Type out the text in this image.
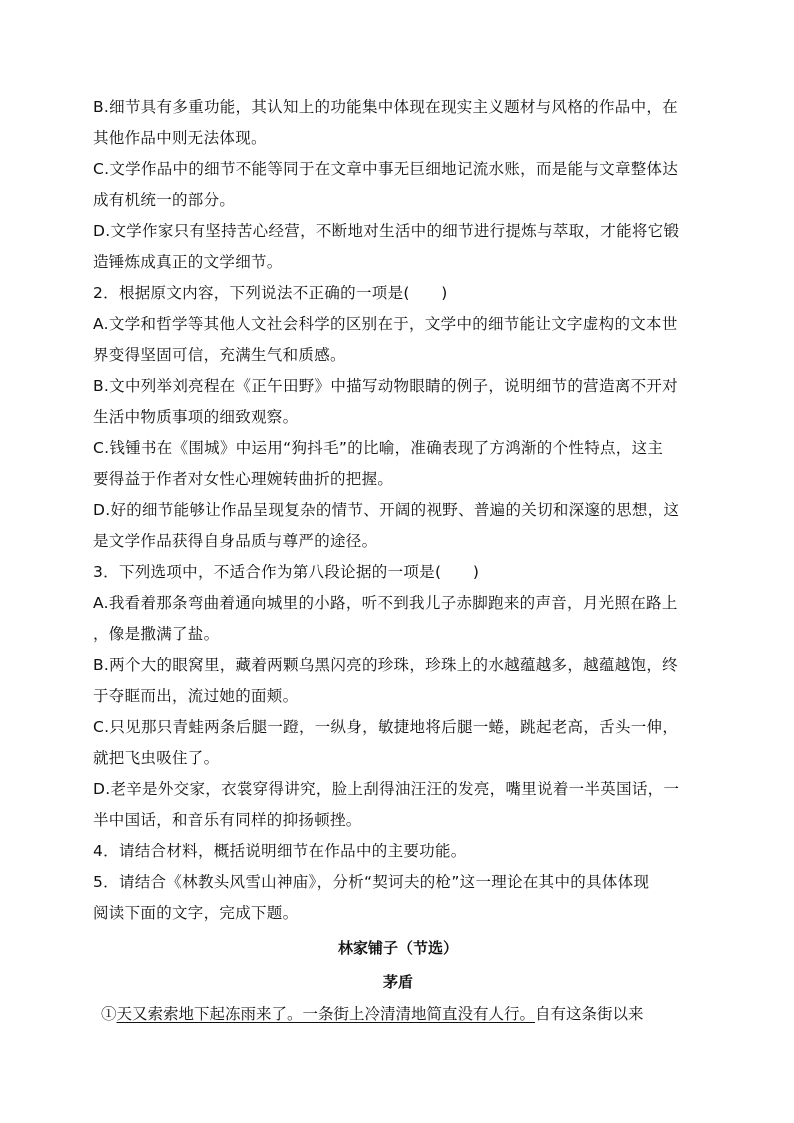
B.细节具有多重功能，其认知上的功能集中体现在现实主义题材与风格的作品中，在
其他作品中则无法体现。
C.文学作品中的细节不能等同于在文章中事无巨细地记流水账，而是能与文章整体达
成有机统一的部分。
D.文学作家只有坚持苦心经营，不断地对生活中的细节进行提炼与萃取，才能将它锻
造锤炼成真正的文学细节。
2．根据原文内容，下列说法不正确的一项是(　　)
A.文学和哲学等其他人文社会科学的区别在于，文学中的细节能让文字虚构的文本世
界变得坚固可信，充满生气和质感。
B.文中列举刘亮程在《正午田野》中描写动物眼睛的例子，说明细节的营造离不开对
生活中物质事项的细致观察。
C.钱锺书在《围城》中运用“狗抖毛”的比喻，准确表现了方鸿渐的个性特点，这主
要得益于作者对女性心理婉转曲折的把握。
D.好的细节能够让作品呈现复杂的情节、开阔的视野、普遍的关切和深邃的思想，这
是文学作品获得自身品质与尊严的途径。
3．下列选项中，不适合作为第八段论据的一项是(　　)
A.我看着那条弯曲着通向城里的小路，听不到我儿子赤脚跑来的声音，月光照在路上
，像是撒满了盐。
B.两个大的眼窝里，藏着两颗乌黑闪亮的珍珠，珍珠上的水越蕴越多，越蕴越饱，终
于夺眶而出，流过她的面颊。
C.只见那只青蛙两条后腿一蹬，一纵身，敏捷地将后腿一蜷，跳起老高，舌头一伸，
就把飞虫吸住了。
D.老辛是外交家，衣裳穿得讲究，脸上刮得油汪汪的发亮，嘴里说着一半英国话，一
半中国话，和音乐有同样的抑扬顿挫。
4．请结合材料，概括说明细节在作品中的主要功能。
5．请结合《林教头风雪山神庙》，分析“契诃夫的枪”这一理论在其中的具体体现
阅读下面的文字，完成下题。
林家铺子（节选）
茅盾
①天又索索地下起冻雨来了。一条街上冷清清地简直没有人行。自有这条街以来
